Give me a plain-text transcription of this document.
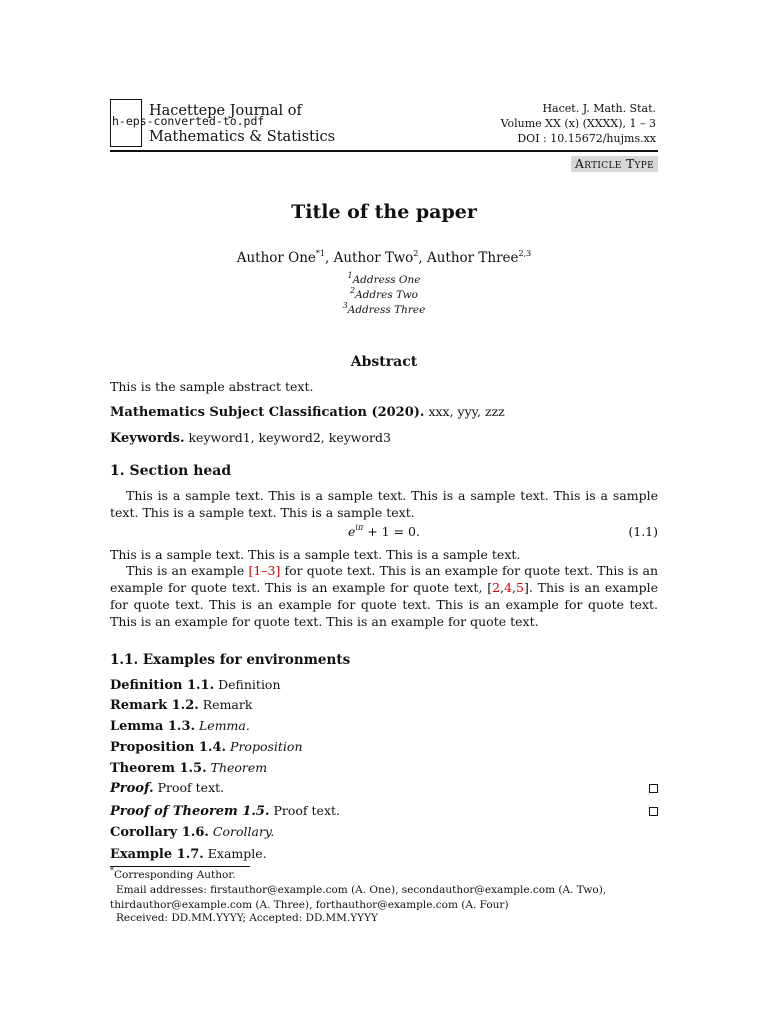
h-eps-converted-to.pdf
Hacettepe Journal of
Mathematics & Statistics
Hacet. J. Math. Stat.
Volume XX (x) (XXXX), 1 – 3
DOI : 10.15672/hujms.xx
Article Type
Title of the paper
Author One$^{*1}$, Author Two$^2$, Author Three$^{2,3}$
$^1$Address One
$^2$Addres Two
$^3$Address Three
Abstract
This is the sample abstract text.
Mathematics Subject Classification (2020). xxx, yyy, zzz
Keywords. keyword1, keyword2, keyword3
1. Section head
This is a sample text. This is a sample text. This is a sample text. This is a sample text. This is a sample text. This is a sample text.
$e^{i\pi} + 1 = 0$.	(1.1)
This is a sample text. This is a sample text. This is a sample text.
This is an example [1–3] for quote text. This is an example for quote text. This is an example for quote text. This is an example for quote text, [2,4,5]. This is an example for quote text. This is an example for quote text. This is an example for quote text. This is an example for quote text. This is an example for quote text.
1.1. Examples for environments
Definition 1.1. Definition
Remark 1.2. Remark
Lemma 1.3. Lemma.
Proposition 1.4. Proposition
Theorem 1.5. Theorem
Proof. Proof text.
Proof of Theorem 1.5. Proof text.
Corollary 1.6. Corollary.
Example 1.7. Example.
*Corresponding Author.
Email addresses: firstauthor@example.com (A. One), secondauthor@example.com (A. Two),
thirdauthor@example.com (A. Three), forthauthor@example.com (A. Four)
Received: DD.MM.YYYY; Accepted: DD.MM.YYYY
